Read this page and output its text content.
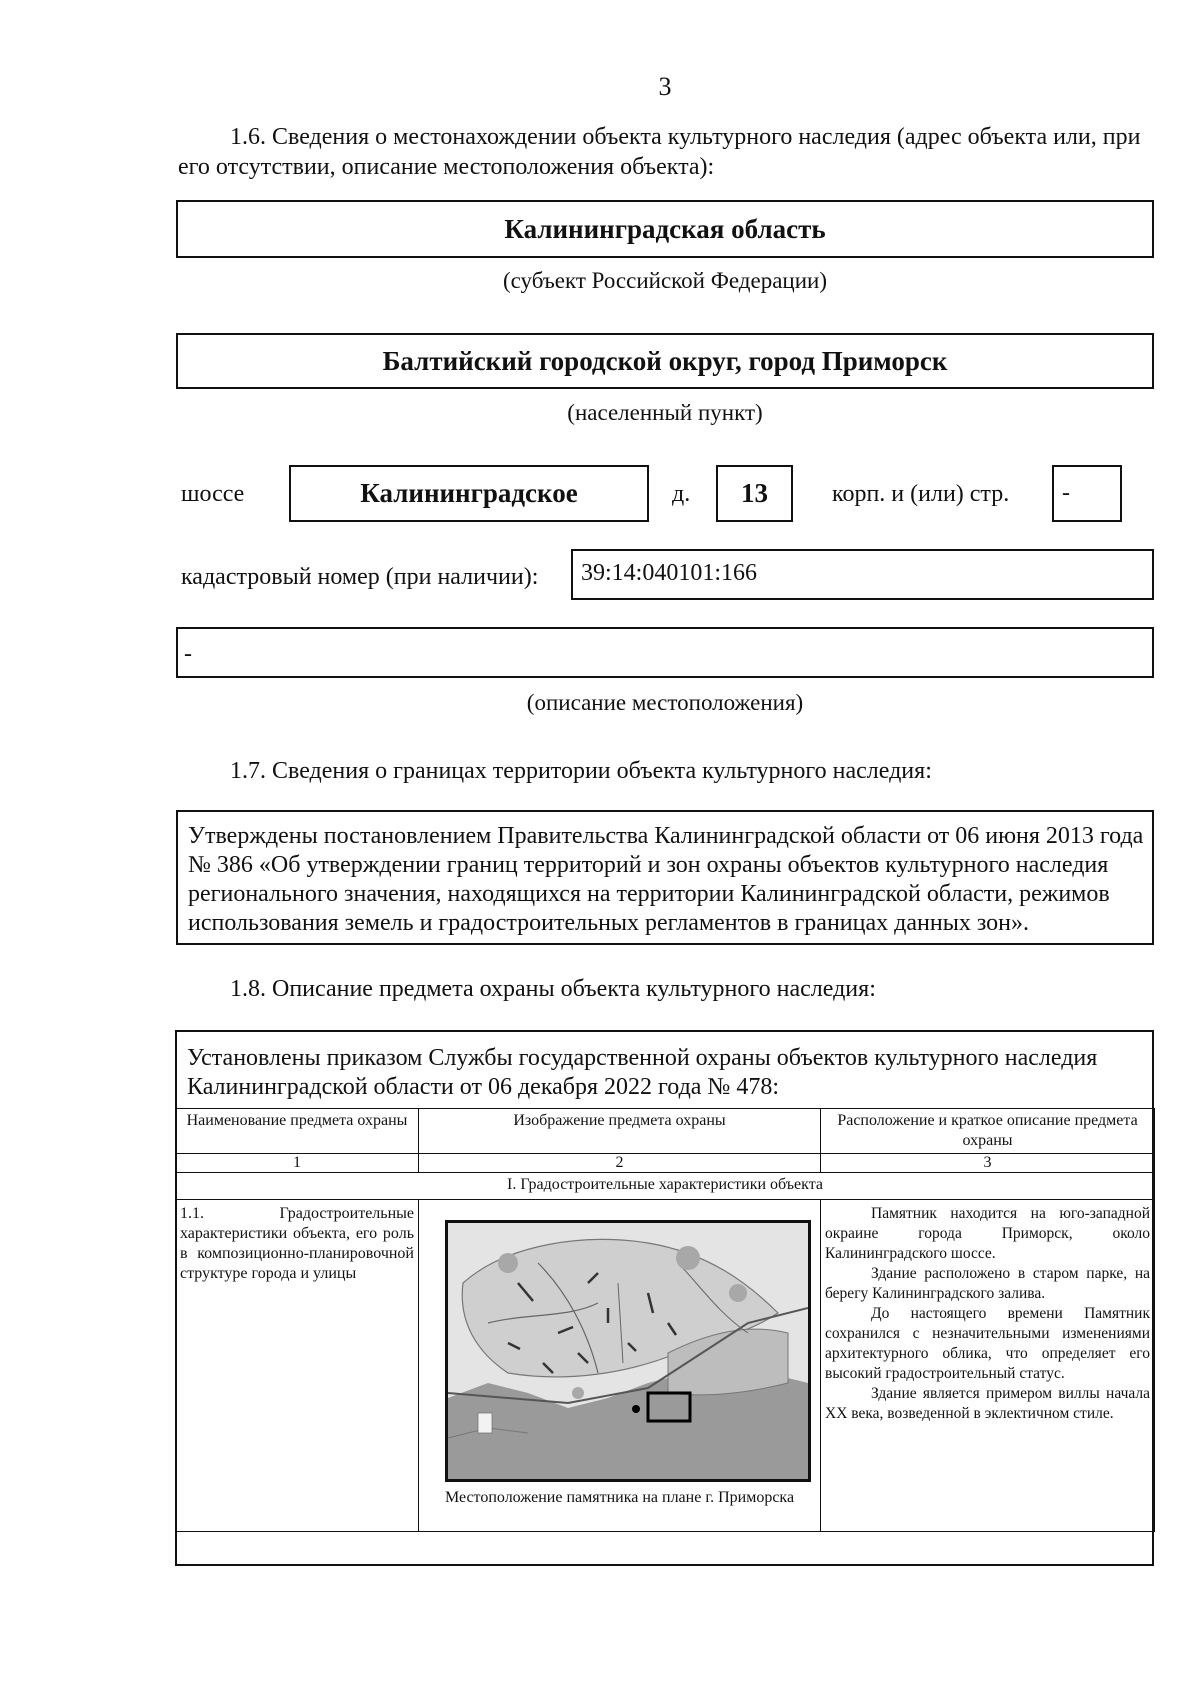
3
1.6. Сведения о местонахождении объекта культурного наследия (адрес объекта или, при его отсутствии, описание местоположения объекта):
Калининградская область
(субъект Российской Федерации)
Балтийский городской округ, город Приморск
(населенный пункт)
шоссе	Калининградское	д.	13	корп. и (или) стр.	-
кадастровый номер (при наличии):	39:14:040101:166
-
(описание местоположения)
1.7. Сведения о границах территории объекта культурного наследия:
Утверждены постановлением Правительства Калининградской области от 06 июня 2013 года № 386 «Об утверждении границ территорий и зон охраны объектов культурного наследия регионального значения, находящихся на территории Калининградской области, режимов использования земель и градостроительных регламентов в границах данных зон».
1.8. Описание предмета охраны объекта культурного наследия:
Установлены приказом Службы государственной охраны объектов культурного наследия Калининградской области от 06 декабря 2022 года № 478:
Наименование предмета охраны	Изображение предмета охраны	Расположение и краткое описание предмета охраны
1	2	3
I. Градостроительные характеристики объекта		
1.1. Градостроительные характеристики объекта, его роль в композиционно-планировочной структуре города и улицы	Местоположение памятника на плане г. Приморска	Памятник находится на юго-западной окраине города Приморск, около Калининградского шоссе.
Здание расположено в старом парке, на берегу Калининградского залива.
До настоящего времени Памятник сохранился с незначительными изменениями архитектурного облика, что определяет его высокий градостроительный статус.
Здание является примером виллы начала XX века, возведенной в эклектичном стиле.
